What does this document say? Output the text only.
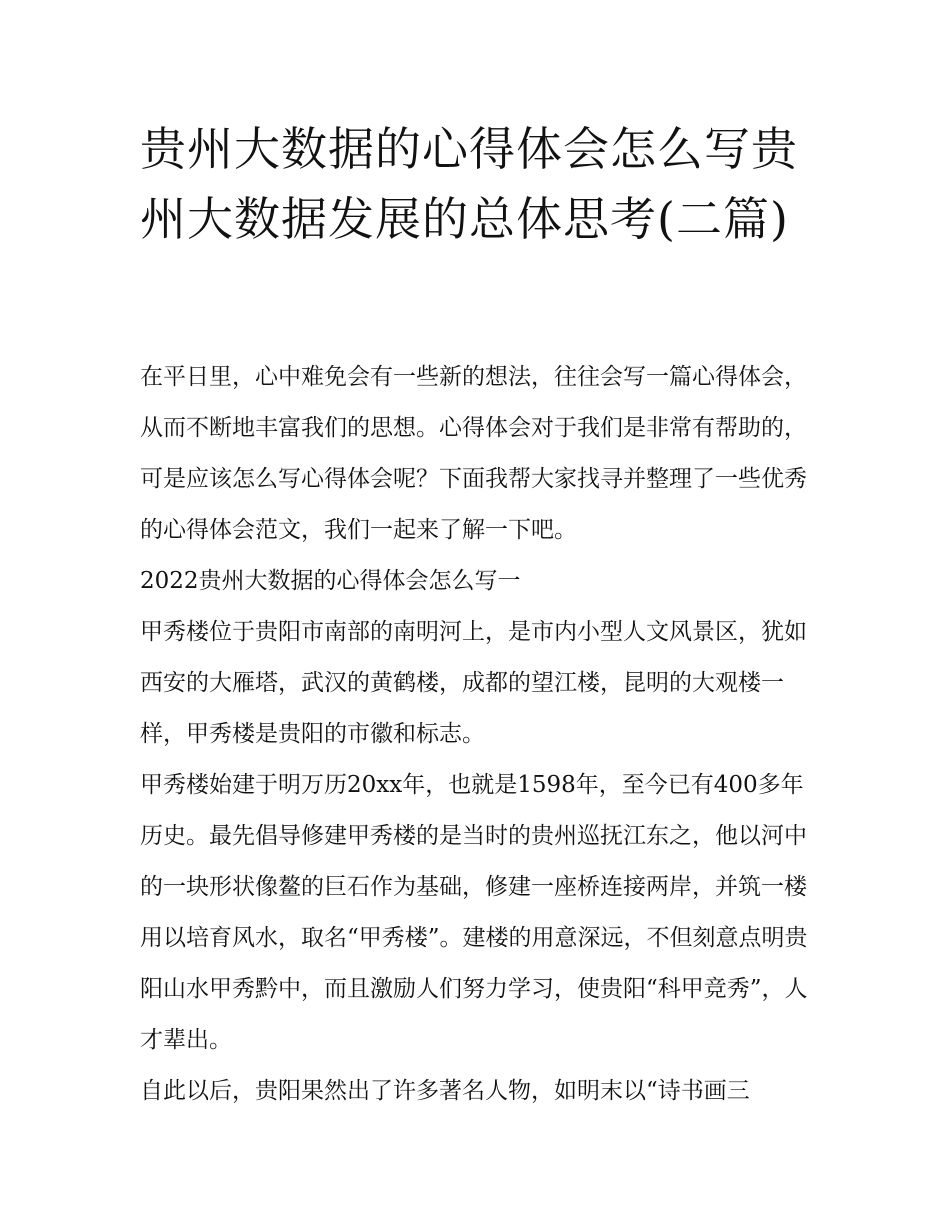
贵州大数据的心得体会怎么写贵州大数据发展的总体思考(二篇)

在平日里，心中难免会有一些新的想法，往往会写一篇心得体会，从而不断地丰富我们的思想。心得体会对于我们是非常有帮助的，可是应该怎么写心得体会呢？下面我帮大家找寻并整理了一些优秀的心得体会范文，我们一起来了解一下吧。

2022贵州大数据的心得体会怎么写一

甲秀楼位于贵阳市南部的南明河上，是市内小型人文风景区，犹如西安的大雁塔，武汉的黄鹤楼，成都的望江楼，昆明的大观楼一样，甲秀楼是贵阳的市徽和标志。

甲秀楼始建于明万历20xx年，也就是1598年，至今已有400多年历史。最先倡导修建甲秀楼的是当时的贵州巡抚江东之，他以河中的一块形状像鳌的巨石作为基础，修建一座桥连接两岸，并筑一楼用以培育风水，取名“甲秀楼”。建楼的用意深远，不但刻意点明贵阳山水甲秀黔中，而且激励人们努力学习，使贵阳“科甲竞秀”，人才辈出。

自此以后，贵阳果然出了许多著名人物，如明末以“诗书画三
